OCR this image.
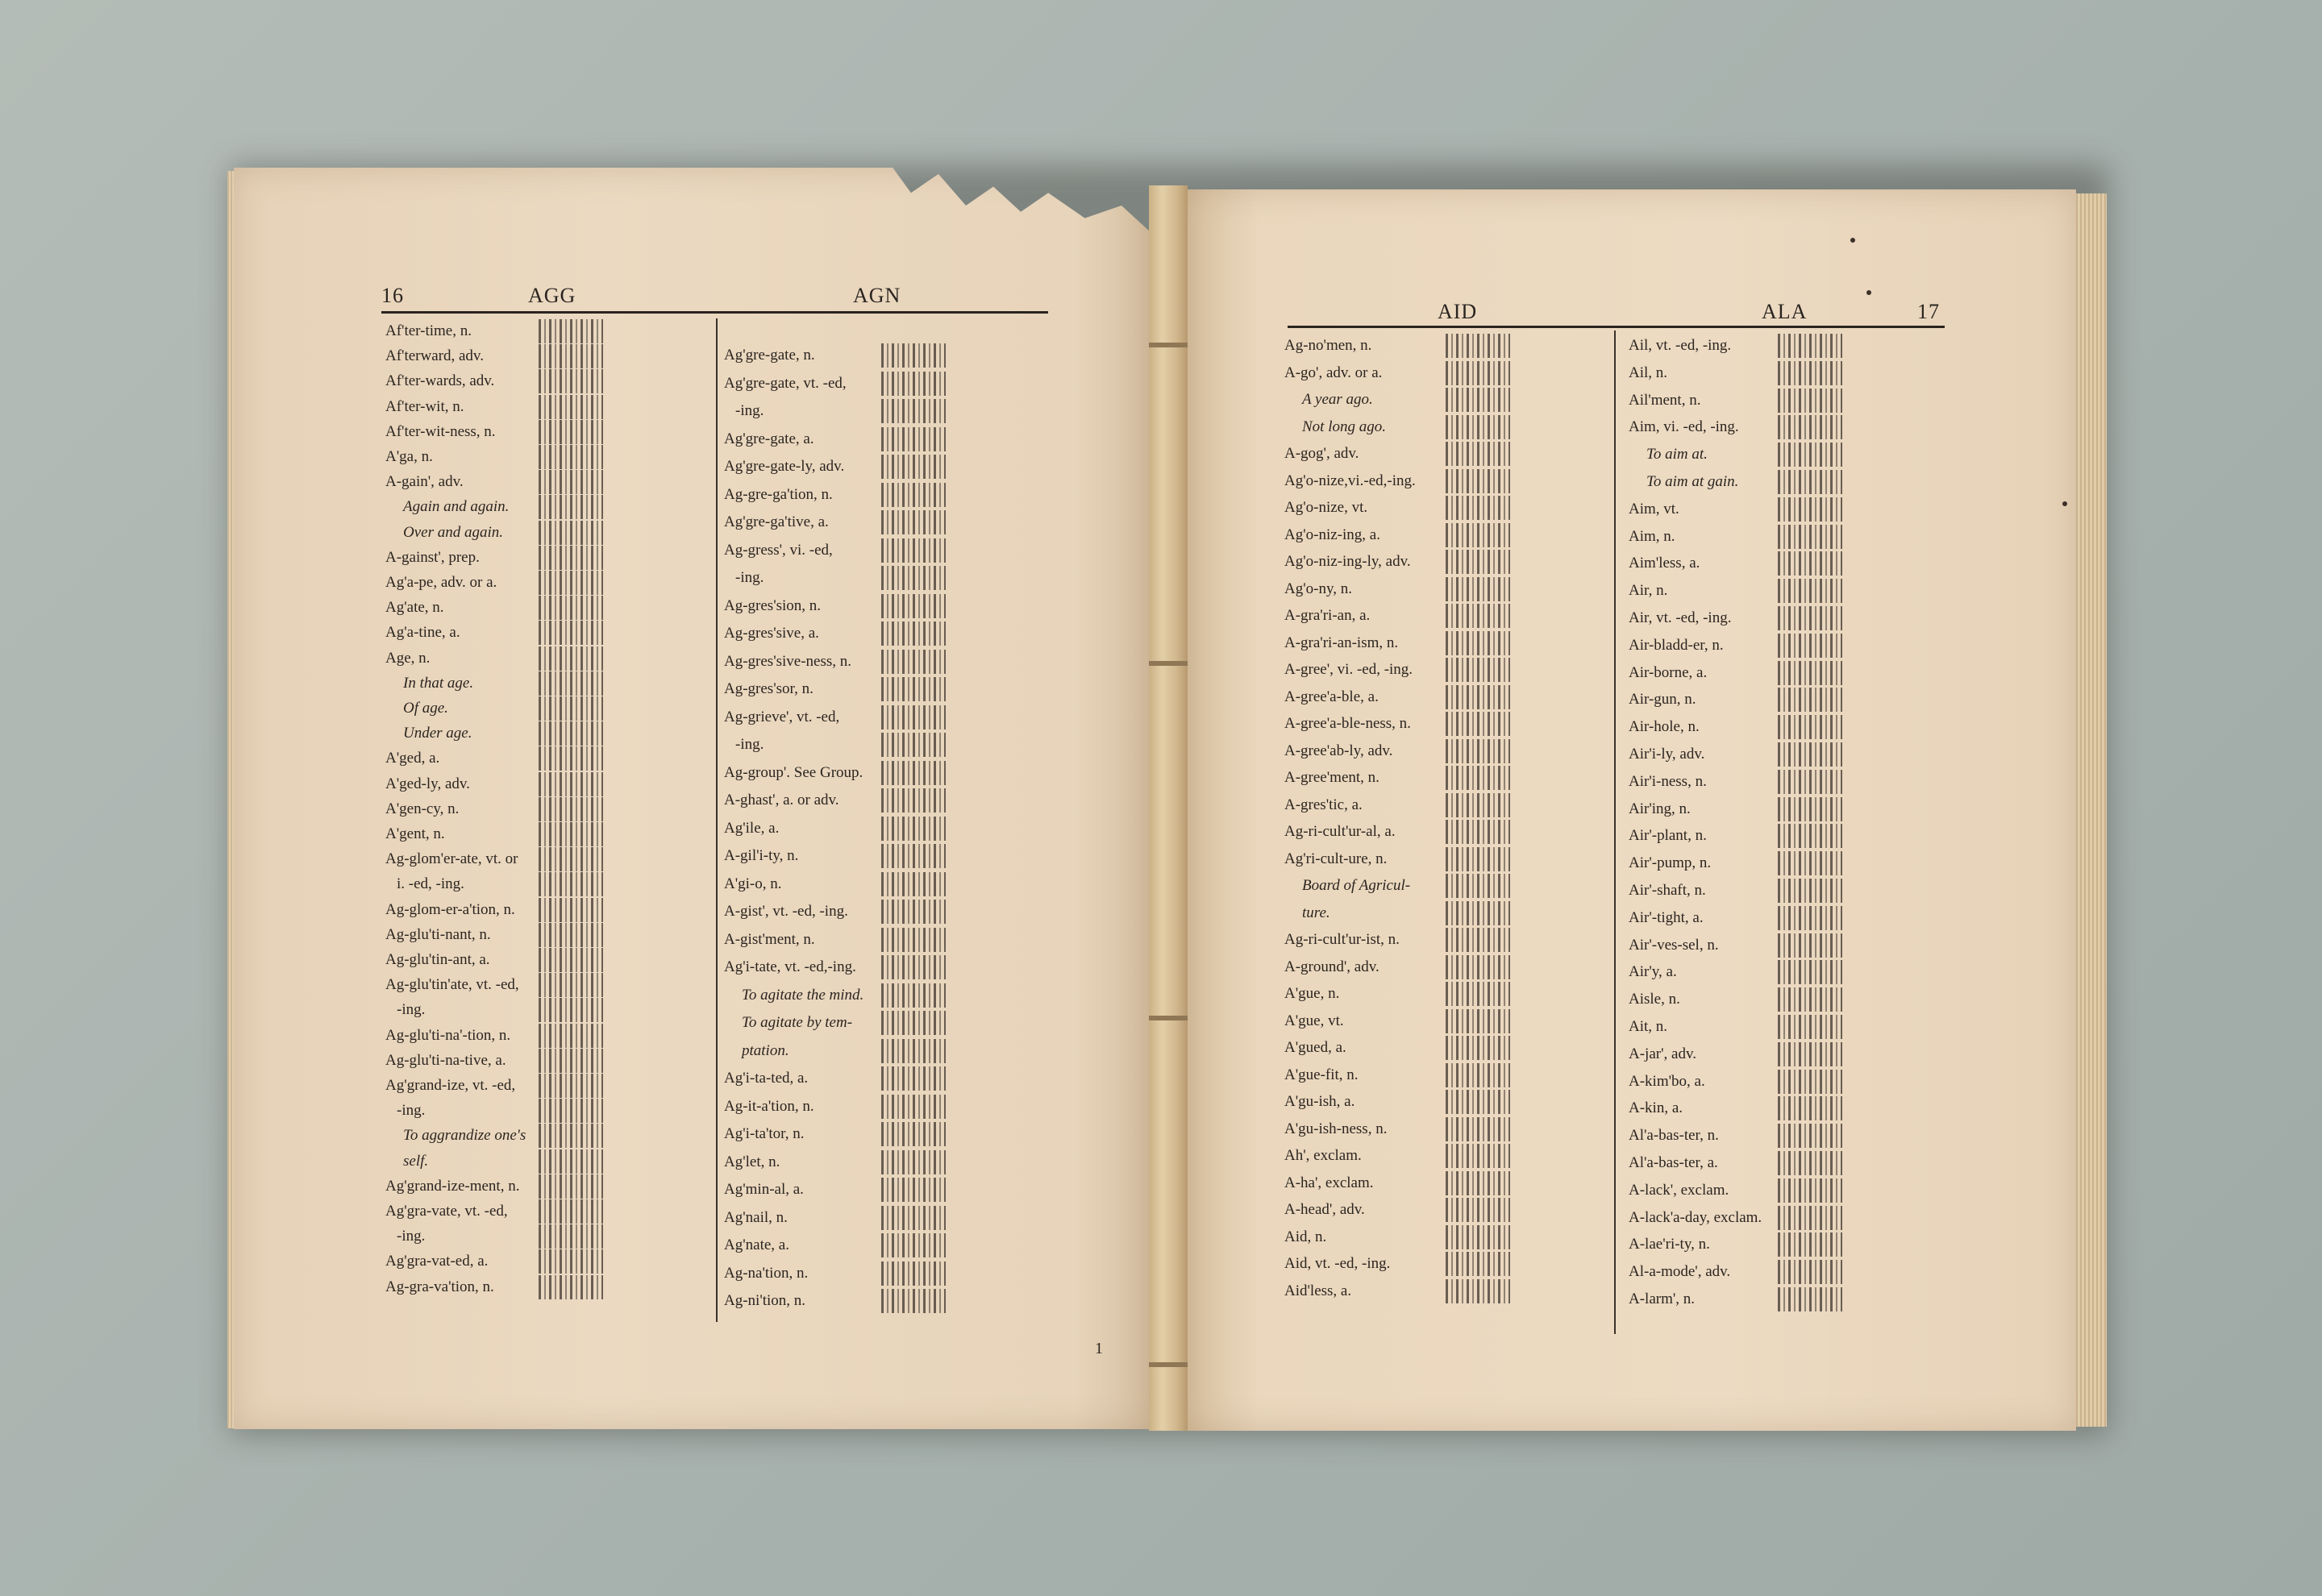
16	AGG	AGN
1
Af'ter-time, n.
Af'terward, adv.
Af'ter-wards, adv.
Af'ter-wit, n.
Af'ter-wit-ness, n.
A'ga, n.
A-gain', adv.
Again and again.
Over and again.
A-gainst', prep.
Ag'a-pe, adv. or a.
Ag'ate, n.
Ag'a-tine, a.
Age, n.
In that age.
Of age.
Under age.
A'ged, a.
A'ged-ly, adv.
A'gen-cy, n.
A'gent, n.
Ag-glom'er-ate, vt. or
i. -ed, -ing.
Ag-glom-er-a'tion, n.
Ag-glu'ti-nant, n.
Ag-glu'tin-ant, a.
Ag-glu'tin'ate, vt. -ed,
-ing.
Ag-glu'ti-na'-tion, n.
Ag-glu'ti-na-tive, a.
Ag'grand-ize, vt. -ed,
-ing.
To aggrandize one's
self.
Ag'grand-ize-ment, n.
Ag'gra-vate, vt. -ed,
-ing.
Ag'gra-vat-ed, a.
Ag-gra-va'tion, n.
Ag'gre-gate, n.
Ag'gre-gate, vt. -ed,
-ing.
Ag'gre-gate, a.
Ag'gre-gate-ly, adv.
Ag-gre-ga'tion, n.
Ag'gre-ga'tive, a.
Ag-gress', vi. -ed,
-ing.
Ag-gres'sion, n.
Ag-gres'sive, a.
Ag-gres'sive-ness, n.
Ag-gres'sor, n.
Ag-grieve', vt. -ed,
-ing.
Ag-group'. See Group.
A-ghast', a. or adv.
Ag'ile, a.
A-gil'i-ty, n.
A'gi-o, n.
A-gist', vt. -ed, -ing.
A-gist'ment, n.
Ag'i-tate, vt. -ed,-ing.
To agitate the mind.
To agitate by tem-
ptation.
Ag'i-ta-ted, a.
Ag-it-a'tion, n.
Ag'i-ta'tor, n.
Ag'let, n.
Ag'min-al, a.
Ag'nail, n.
Ag'nate, a.
Ag-na'tion, n.
Ag-ni'tion, n.
AID	ALA	17
Ag-no'men, n.
A-go', adv. or a.
A year ago.
Not long ago.
A-gog', adv.
Ag'o-nize,vi.-ed,-ing.
Ag'o-nize, vt.
Ag'o-niz-ing, a.
Ag'o-niz-ing-ly, adv.
Ag'o-ny, n.
A-gra'ri-an, a.
A-gra'ri-an-ism, n.
A-gree', vi. -ed, -ing.
A-gree'a-ble, a.
A-gree'a-ble-ness, n.
A-gree'ab-ly, adv.
A-gree'ment, n.
A-gres'tic, a.
Ag-ri-cult'ur-al, a.
Ag'ri-cult-ure, n.
Board of Agricul-
ture.
Ag-ri-cult'ur-ist, n.
A-ground', adv.
A'gue, n.
A'gue, vt.
A'gued, a.
A'gue-fit, n.
A'gu-ish, a.
A'gu-ish-ness, n.
Ah', exclam.
A-ha', exclam.
A-head', adv.
Aid, n.
Aid, vt. -ed, -ing.
Aid'less, a.
Ail, vt. -ed, -ing.
Ail, n.
Ail'ment, n.
Aim, vi. -ed, -ing.
To aim at.
To aim at gain.
Aim, vt.
Aim, n.
Aim'less, a.
Air, n.
Air, vt. -ed, -ing.
Air-bladd-er, n.
Air-borne, a.
Air-gun, n.
Air-hole, n.
Air'i-ly, adv.
Air'i-ness, n.
Air'ing, n.
Air'-plant, n.
Air'-pump, n.
Air'-shaft, n.
Air'-tight, a.
Air'-ves-sel, n.
Air'y, a.
Aisle, n.
Ait, n.
A-jar', adv.
A-kim'bo, a.
A-kin, a.
Al'a-bas-ter, n.
Al'a-bas-ter, a.
A-lack', exclam.
A-lack'a-day, exclam.
A-lae'ri-ty, n.
Al-a-mode', adv.
A-larm', n.
